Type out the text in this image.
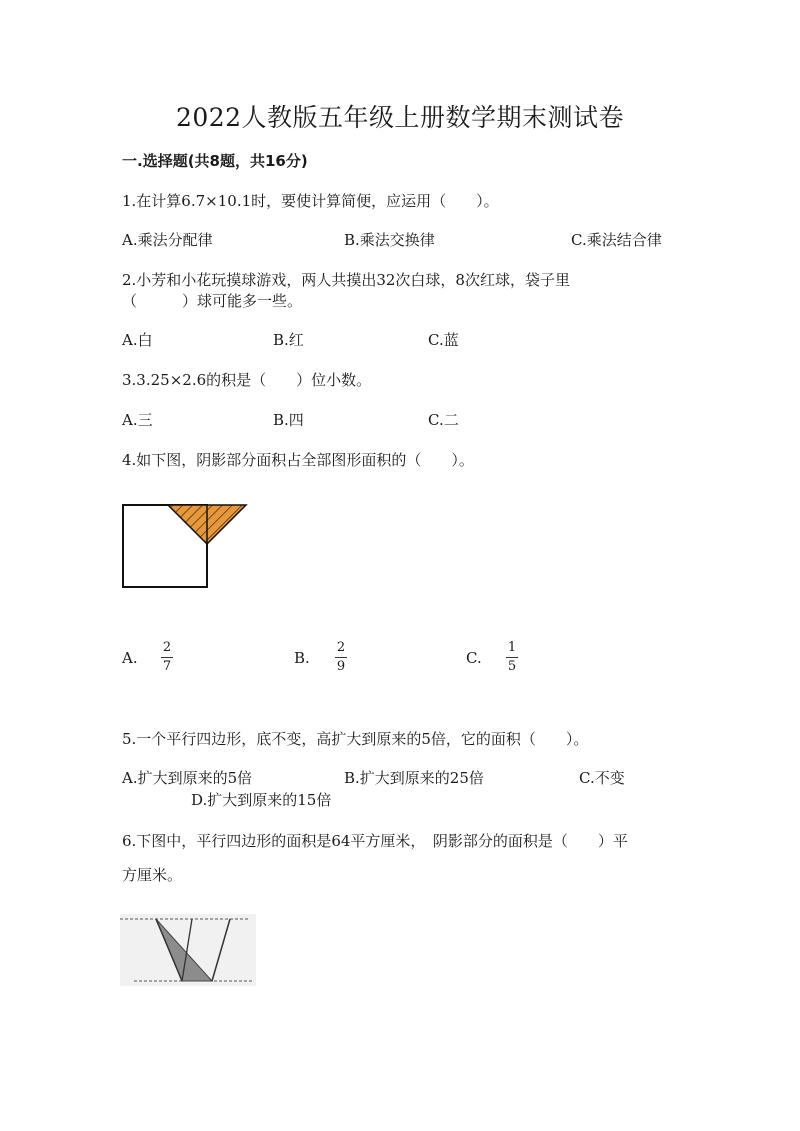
2022人教版五年级上册数学期末测试卷
一.选择题(共8题，共16分)
1.在计算6.7×10.1时，要使计算简便，应运用（　　）。
A.乘法分配律	B.乘法交换律	C.乘法结合律
2.小芳和小花玩摸球游戏，两人共摸出32次白球，8次红球，袋子里
（　　　）球可能多一些。
A.白	B.红	C.蓝
3.3.25×2.6的积是（　　）位小数。
A.三	B.四	C.二
4.如下图，阴影部分面积占全部图形面积的（　　）。
A.
2
7	B.
2
9	C.
1
5
5.一个平行四边形，底不变，高扩大到原来的5倍，它的面积（　　）。
A.扩大到原来的5倍	B.扩大到原来的25倍	C.不变
D.扩大到原来的15倍
6.下图中，平行四边形的面积是64平方厘米，　阴影部分的面积是（　　）平
方厘米。
